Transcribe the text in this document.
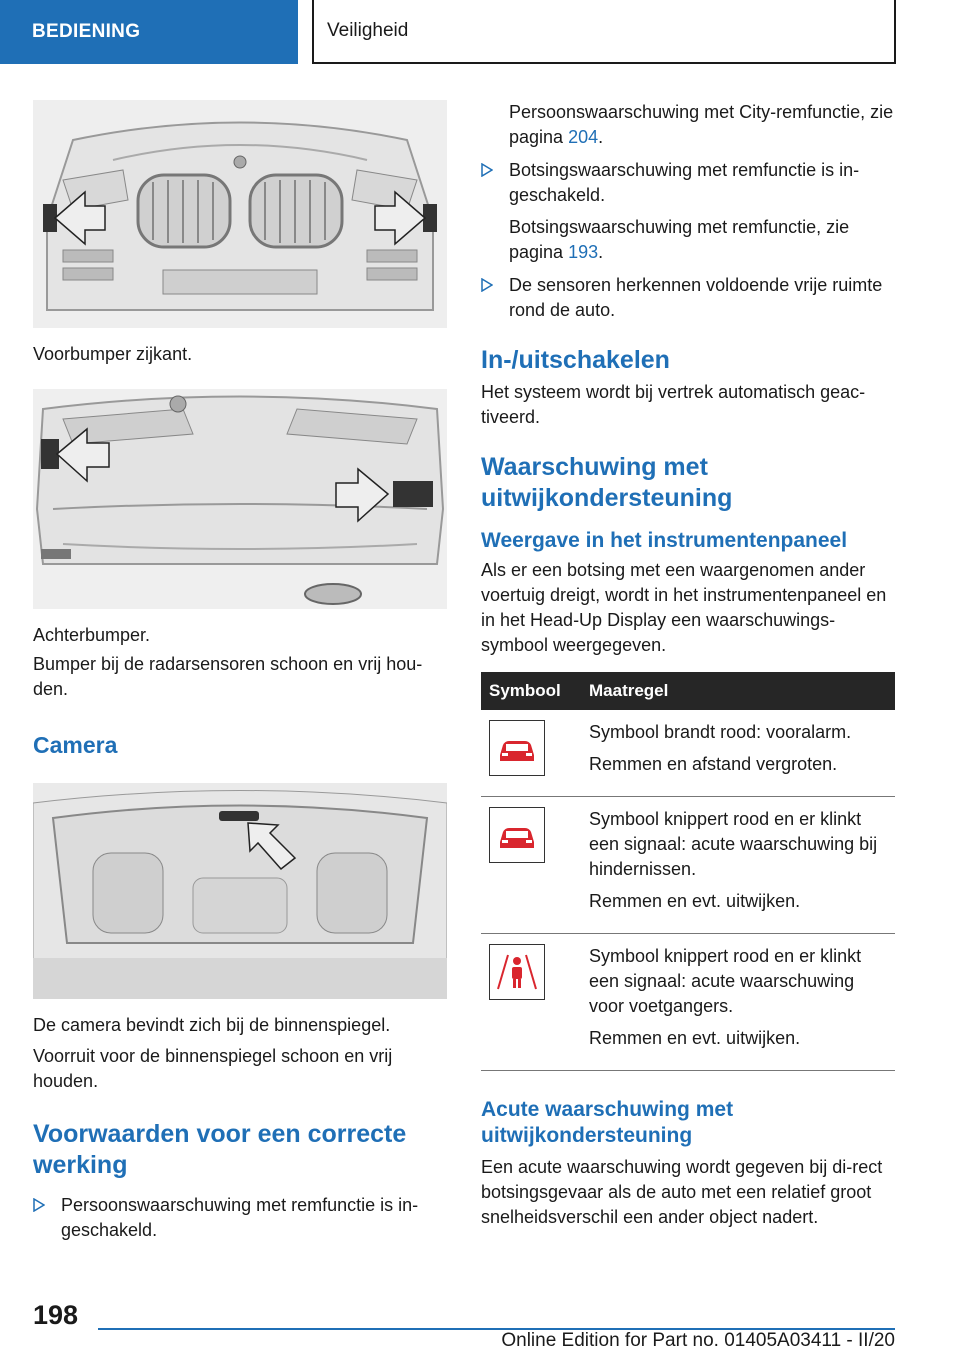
BEDIENING	Veiligheid

Voorbumper zijkant.

Achterbumper.

Bumper bij de radarsensoren schoon en vrij hou-den.

Camera

De camera bevindt zich bij de binnenspiegel.

Voorruit voor de binnenspiegel schoon en vrij houden.

Voorwaarden voor een correcte werking

Persoonswaarschuwing met remfunctie is in-geschakeld.

Persoonswaarschuwing met City-remfunctie, zie pagina 204.

Botsingswaarschuwing met remfunctie is in-geschakeld.

Botsingswaarschuwing met remfunctie, zie pagina 193.

De sensoren herkennen voldoende vrije ruimte rond de auto.

In-/uitschakelen

Het systeem wordt bij vertrek automatisch geac-tiveerd.

Waarschuwing met uitwijkondersteuning
Weergave in het instrumentenpaneel

Als er een botsing met een waargenomen ander voertuig dreigt, wordt in het instrumentenpaneel en in het Head-Up Display een waarschuwings-symbool weergegeven.

Symbool	Maatregel

Symbool brandt rood: vooralarm.

Remmen en afstand vergroten.

Symbool knippert rood en er klinkt een signaal: acute waarschuwing bij hindernissen.

Remmen en evt. uitwijken.

Symbool knippert rood en er klinkt een signaal: acute waarschuwing voor voetgangers.

Remmen en evt. uitwijken.

Acute waarschuwing met uitwijkondersteuning

Een acute waarschuwing wordt gegeven bij di-rect botsingsgevaar als de auto met een relatief groot snelheidsverschil een ander object nadert.

198
Online Edition for Part no. 01405A03411 - II/20
